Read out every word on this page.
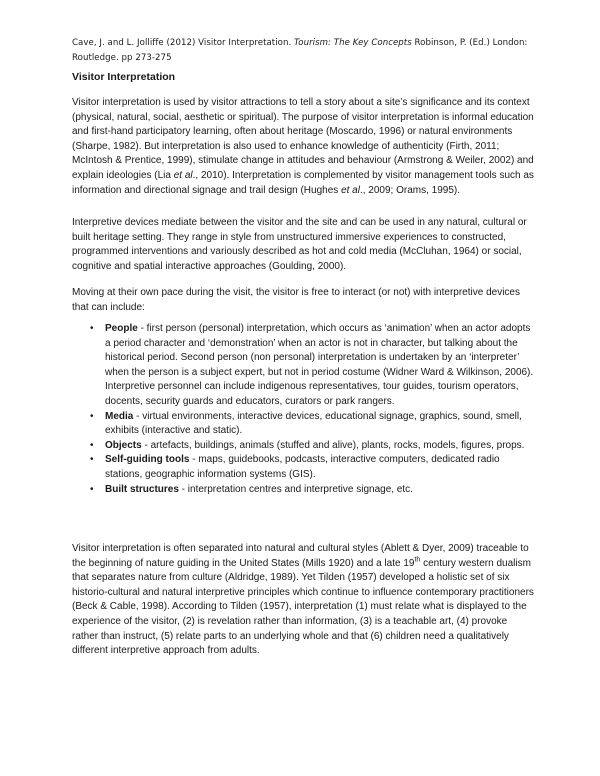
Cave, J. and L. Jolliffe (2012) Visitor Interpretation. Tourism: The Key Concepts Robinson, P. (Ed.) London: Routledge. pp 273-275
Visitor Interpretation

Visitor interpretation is used by visitor attractions to tell a story about a site’s significance and its context (physical, natural, social, aesthetic or spiritual). The purpose of visitor interpretation is informal education and first-hand participatory learning, often about heritage (Moscardo, 1996) or natural environments (Sharpe, 1982). But interpretation is also used to enhance knowledge of authenticity (Firth, 2011; McIntosh & Prentice, 1999), stimulate change in attitudes and behaviour (Armstrong & Weiler, 2002) and explain ideologies (Lia et al., 2010). Interpretation is complemented by visitor management tools such as information and directional signage and trail design (Hughes et al., 2009; Orams, 1995).

Interpretive devices mediate between the visitor and the site and can be used in any natural, cultural or built heritage setting. They range in style from unstructured immersive experiences to constructed, programmed interventions and variously described as hot and cold media (McCluhan, 1964) or social, cognitive and spatial interactive approaches (Goulding, 2000).

Moving at their own pace during the visit, the visitor is free to interact (or not) with interpretive devices that can include:

• People - first person (personal) interpretation, which occurs as ‘animation’ when an actor adopts a period character and ‘demonstration’ when an actor is not in character, but talking about the historical period. Second person (non personal) interpretation is undertaken by an ‘interpreter’ when the person is a subject expert, but not in period costume (Widner Ward & Wilkinson, 2006). Interpretive personnel can include indigenous representatives, tour guides, tourism operators, docents, security guards and educators, curators or park rangers.
• Media - virtual environments, interactive devices, educational signage, graphics, sound, smell, exhibits (interactive and static).
• Objects - artefacts, buildings, animals (stuffed and alive), plants, rocks, models, figures, props.
• Self-guiding tools - maps, guidebooks, podcasts, interactive computers, dedicated radio stations, geographic information systems (GIS).
• Built structures - interpretation centres and interpretive signage, etc.

Visitor interpretation is often separated into natural and cultural styles (Ablett & Dyer, 2009) traceable to the beginning of nature guiding in the United States (Mills 1920) and a late 19th century western dualism that separates nature from culture (Aldridge, 1989). Yet Tilden (1957) developed a holistic set of six historio-cultural and natural interpretive principles which continue to influence contemporary practitioners (Beck & Cable, 1998). According to Tilden (1957), interpretation (1) must relate what is displayed to the experience of the visitor, (2) is revelation rather than information, (3) is a teachable art, (4) provoke rather than instruct, (5) relate parts to an underlying whole and that (6) children need a qualitatively different interpretive approach from adults.
